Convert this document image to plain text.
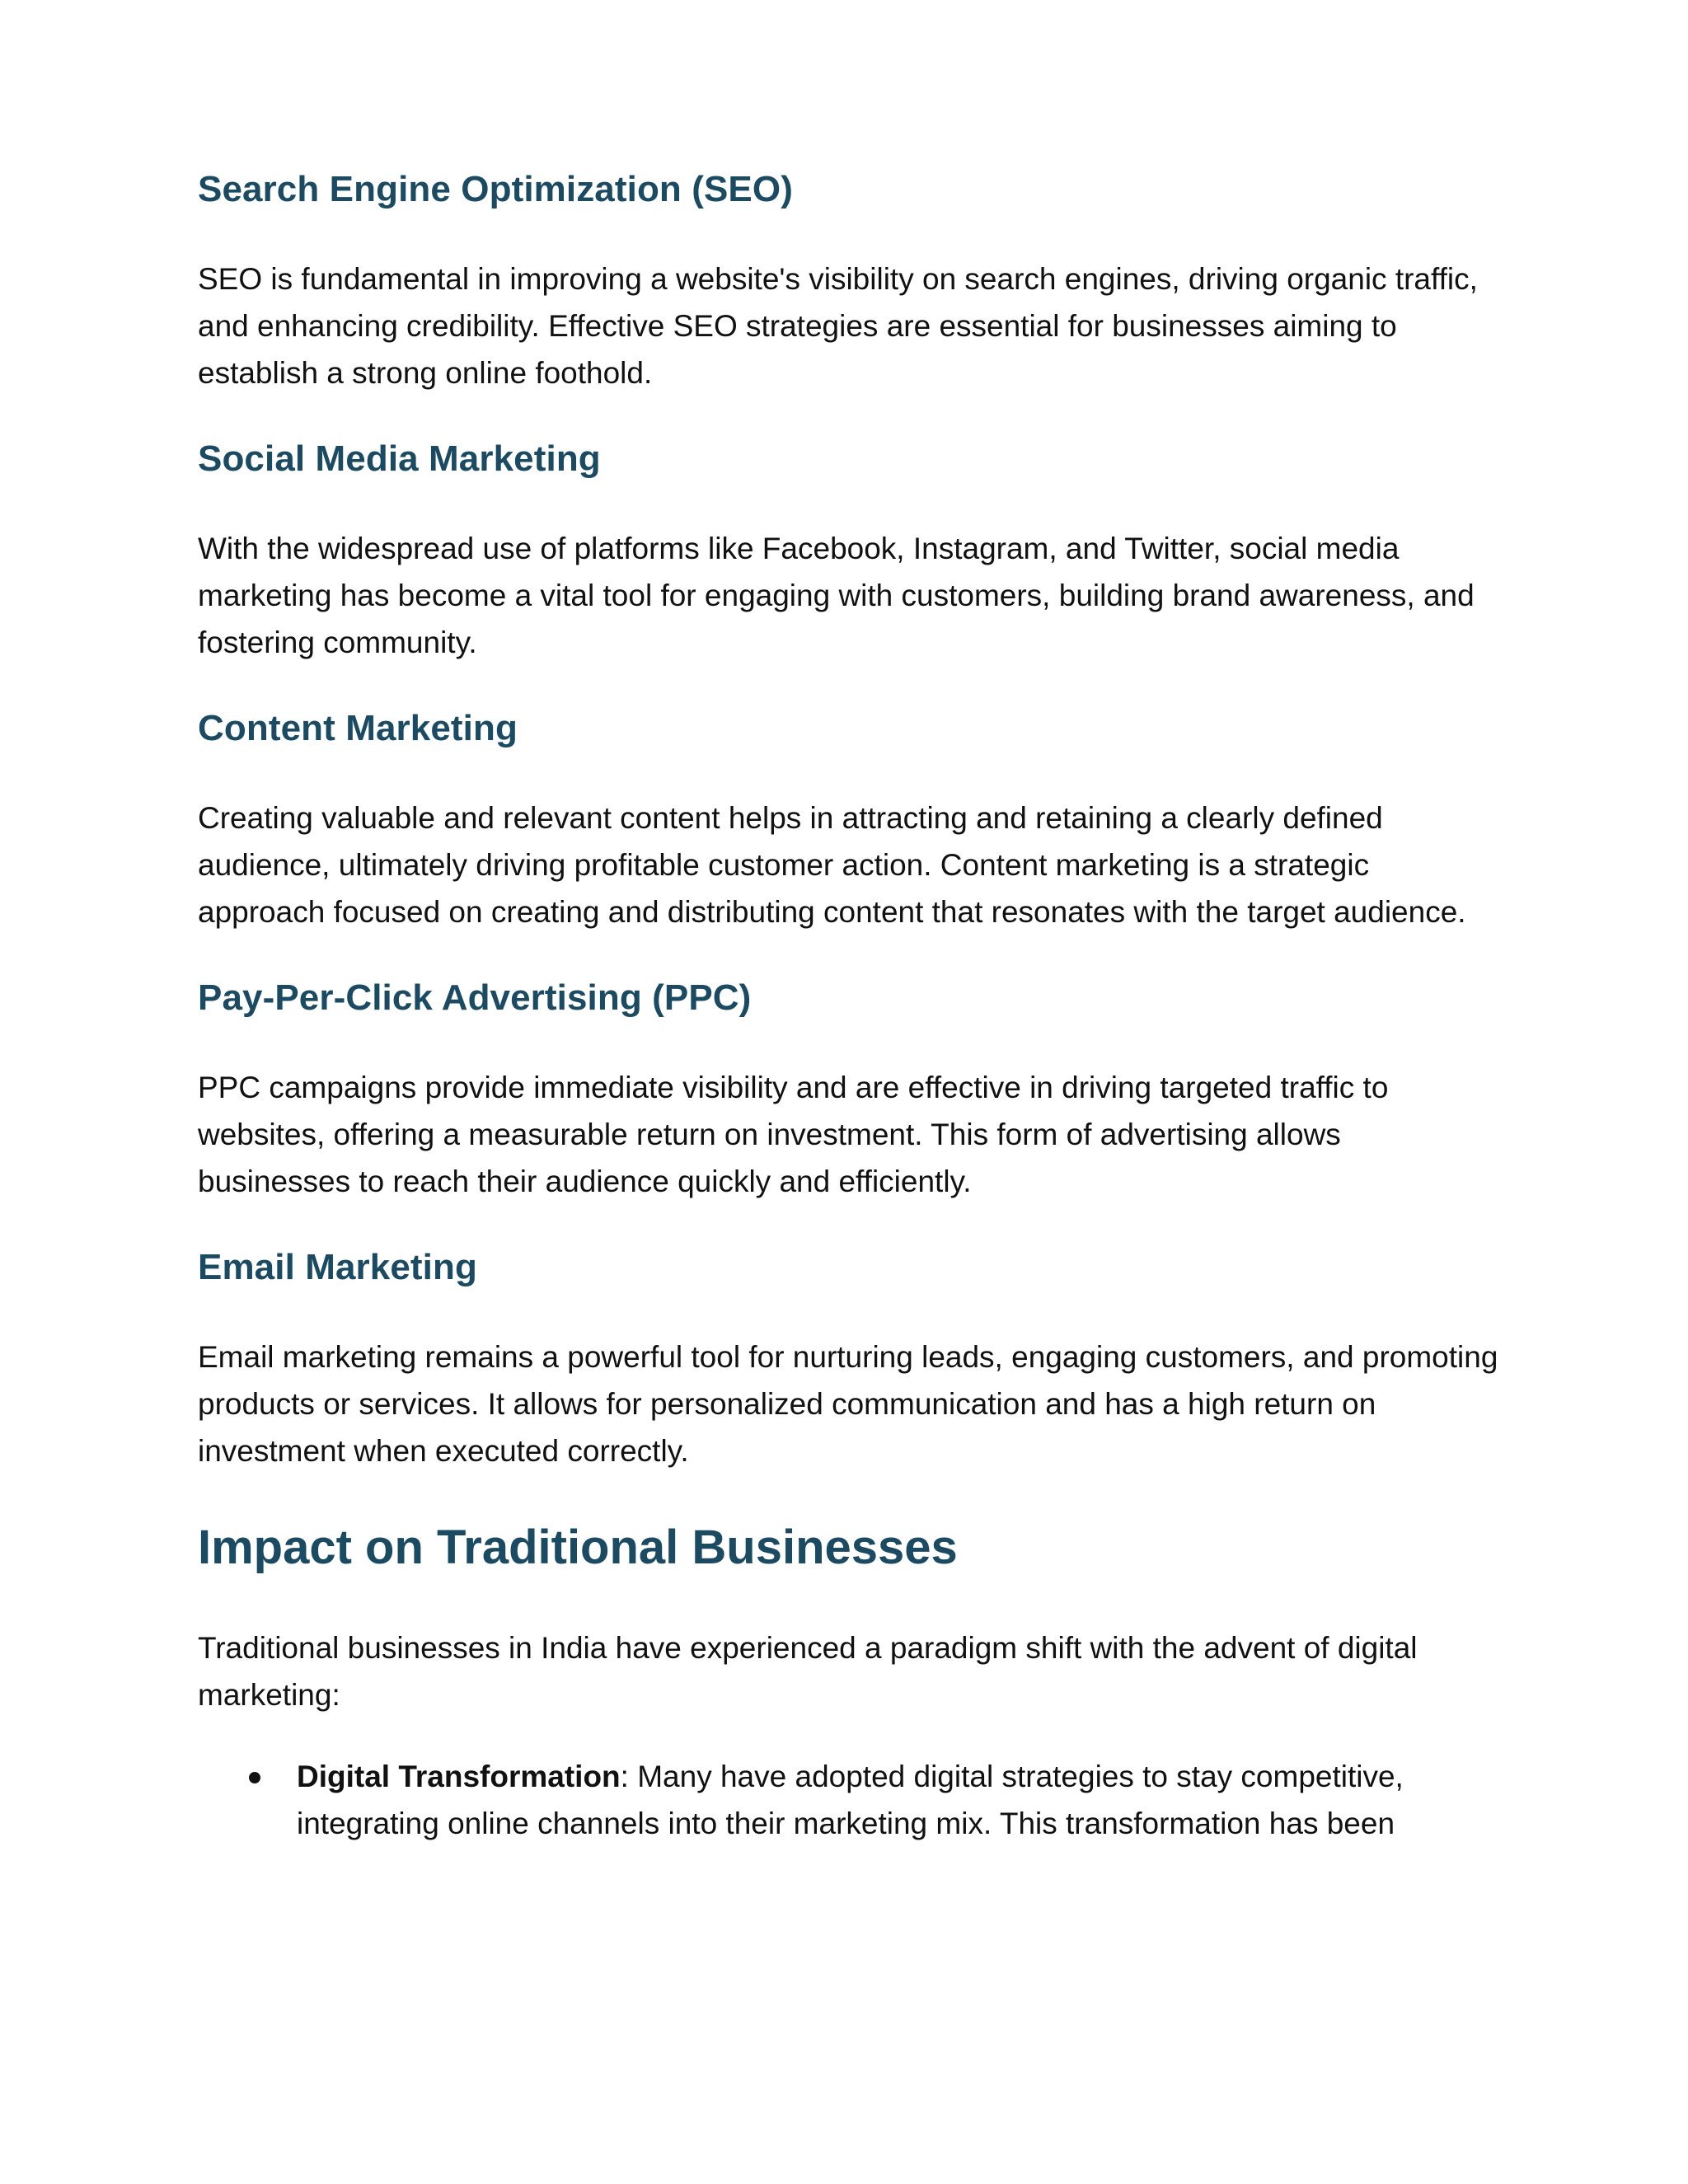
Search Engine Optimization (SEO)

SEO is fundamental in improving a website's visibility on search engines, driving organic traffic, and enhancing credibility. Effective SEO strategies are essential for businesses aiming to establish a strong online foothold.

Social Media Marketing

With the widespread use of platforms like Facebook, Instagram, and Twitter, social media marketing has become a vital tool for engaging with customers, building brand awareness, and fostering community.

Content Marketing

Creating valuable and relevant content helps in attracting and retaining a clearly defined audience, ultimately driving profitable customer action. Content marketing is a strategic approach focused on creating and distributing content that resonates with the target audience.

Pay-Per-Click Advertising (PPC)

PPC campaigns provide immediate visibility and are effective in driving targeted traffic to websites, offering a measurable return on investment. This form of advertising allows businesses to reach their audience quickly and efficiently.

Email Marketing

Email marketing remains a powerful tool for nurturing leads, engaging customers, and promoting products or services. It allows for personalized communication and has a high return on investment when executed correctly.

Impact on Traditional Businesses

Traditional businesses in India have experienced a paradigm shift with the advent of digital marketing:

Digital Transformation: Many have adopted digital strategies to stay competitive, integrating online channels into their marketing mix. This transformation has been
